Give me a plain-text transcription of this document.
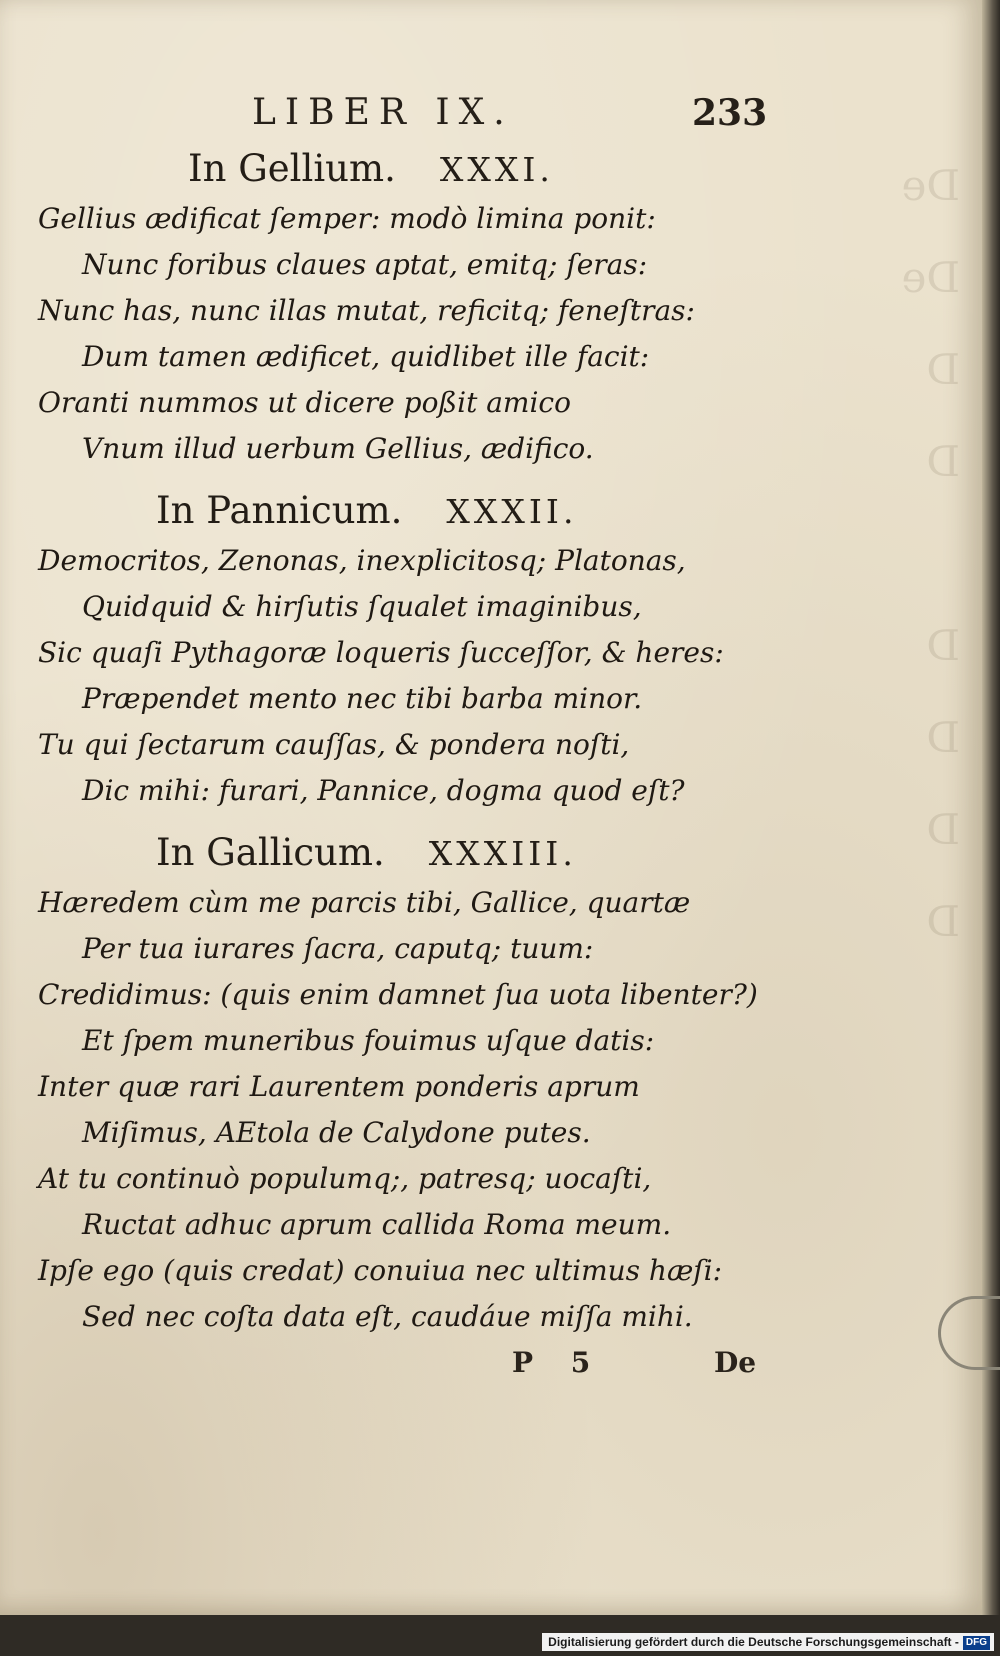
De
De
D
D

D
D
D
D
LIBER IX.	233
In Gellium. XXXI.
Gellius ædificat ſemper: modò limina ponit:
Nunc foribus claues aptat, emitq; ſeras:
Nunc has, nunc illas mutat, reficitq; feneſtras:
Dum tamen ædificet, quidlibet ille facit:
Oranti nummos ut dicere poßit amico
Vnum illud uerbum Gellius, ædifico.
In Pannicum. XXXII.
Democritos, Zenonas, inexplicitosq; Platonas,
Quidquid & hirſutis ſqualet imaginibus,
Sic quaſi Pythagoræ loqueris ſucceſſor, & heres:
Præpendet mento nec tibi barba minor.
Tu qui ſectarum cauſſas, & pondera noſti,
Dic mihi: furari, Pannice, dogma quod eſt?
In Gallicum. XXXIII.
Hæredem cùm me parcis tibi, Gallice, quartæ
Per tua iurares ſacra, caputq; tuum:
Credidimus: (quis enim damnet ſua uota libenter?)
Et ſpem muneribus fouimus uſque datis:
Inter quæ rari Laurentem ponderis aprum
Miſimus, AEtola de Calydone putes.
At tu continuò populumq;, patresq; uocaſti,
Ructat adhuc aprum callida Roma meum.
Ipſe ego (quis credat) conuiua nec ultimus hæſi:
Sed nec coſta data eſt, caudáue miſſa mihi.
P 5	De
Digitalisierung gefördert durch die Deutsche Forschungsgemeinschaft - DFG
